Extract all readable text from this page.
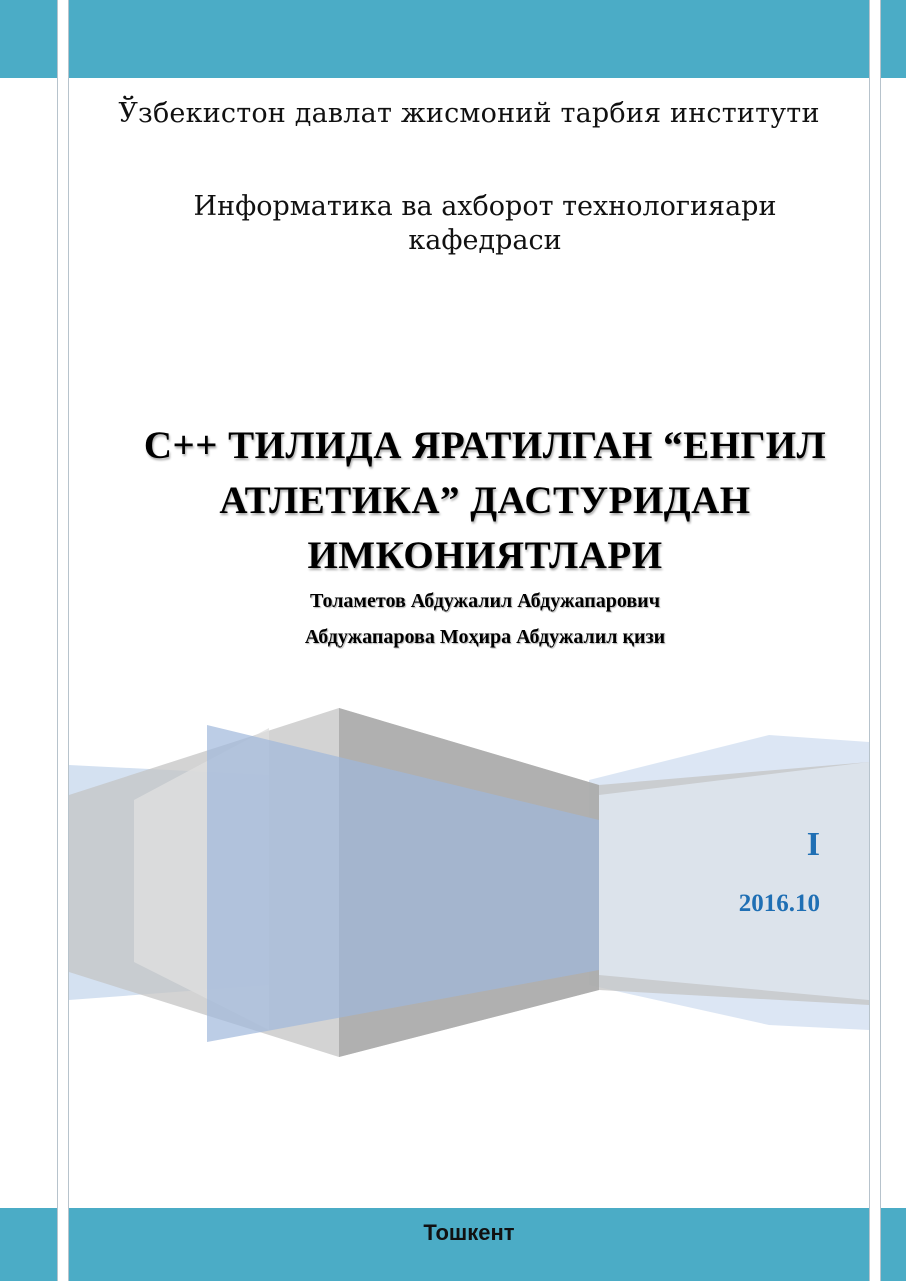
Ўзбекистон давлат жисмоний тарбия институти

Информатика ва ахборот технологияари
кафедраси
C++ ТИЛИДА ЯРАТИЛГАН “ЕНГИЛ
АТЛЕТИКА” ДАСТУРИДАН
ИМКОНИЯТЛАРИ

Толаметов Абдужалил Абдужапарович

Абдужапарова Моҳира Абдужалил қизи

I

2016.10

Тошкент
